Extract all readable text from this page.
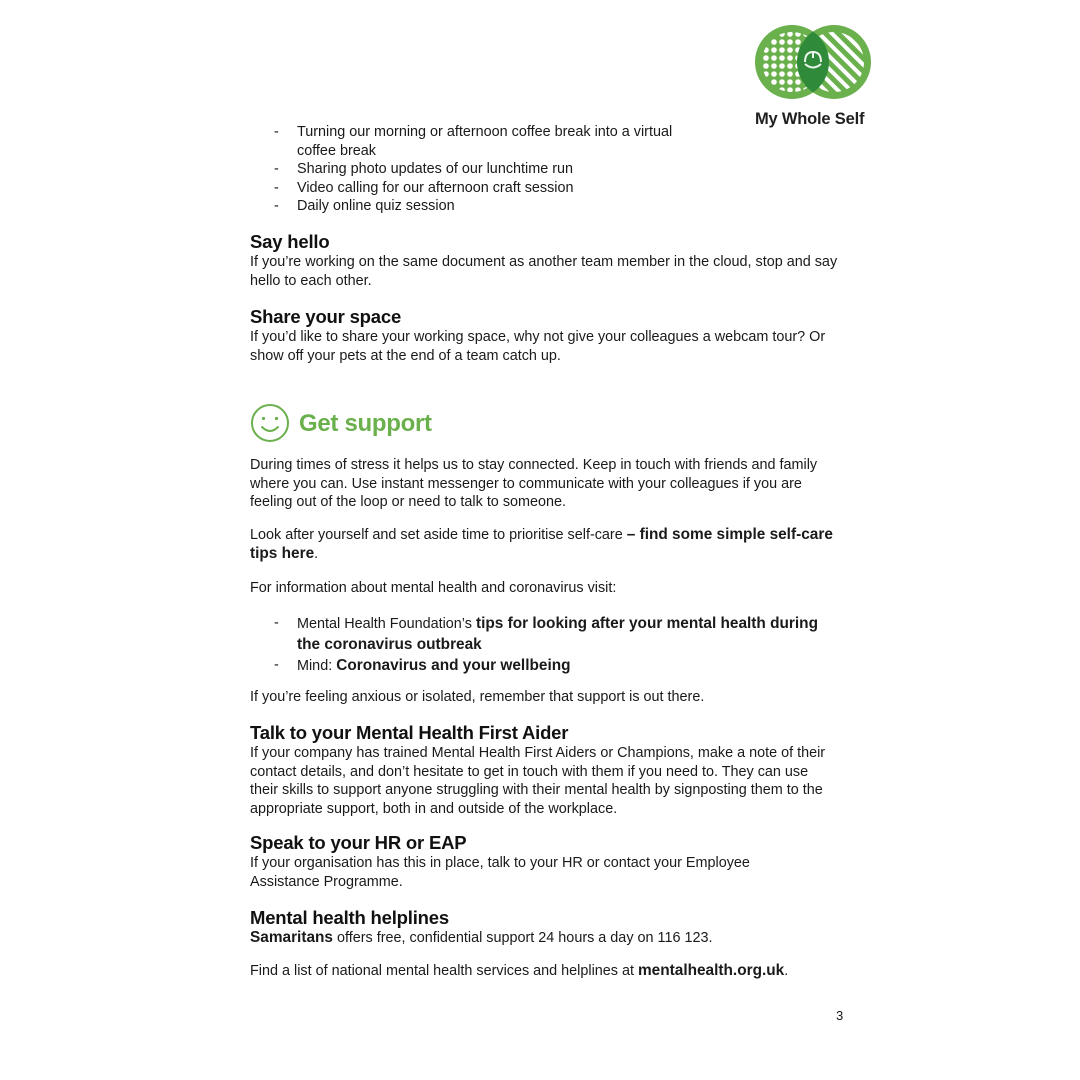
My Whole Self
- Turning our morning or afternoon coffee break into a virtual coffee break
- Sharing photo updates of our lunchtime run
- Video calling for our afternoon craft session
- Daily online quiz session
Say hello
If you’re working on the same document as another team member in the cloud, stop and say hello to each other.
Share your space
If you’d like to share your working space, why not give your colleagues a webcam tour? Or show off your pets at the end of a team catch up.
Get support
During times of stress it helps us to stay connected. Keep in touch with friends and family where you can. Use instant messenger to communicate with your colleagues if you are feeling out of the loop or need to talk to someone.
Look after yourself and set aside time to prioritise self-care – find some simple self-care tips here.
For information about mental health and coronavirus visit:
- Mental Health Foundation’s tips for looking after your mental health during the coronavirus outbreak
- Mind: Coronavirus and your wellbeing
If you’re feeling anxious or isolated, remember that support is out there.
Talk to your Mental Health First Aider
If your company has trained Mental Health First Aiders or Champions, make a note of their contact details, and don’t hesitate to get in touch with them if you need to. They can use their skills to support anyone struggling with their mental health by signposting them to the appropriate support, both in and outside of the workplace.
Speak to your HR or EAP
If your organisation has this in place, talk to your HR or contact your Employee Assistance Programme.
Mental health helplines
Samaritans offers free, confidential support 24 hours a day on 116 123.
Find a list of national mental health services and helplines at mentalhealth.org.uk.
3
